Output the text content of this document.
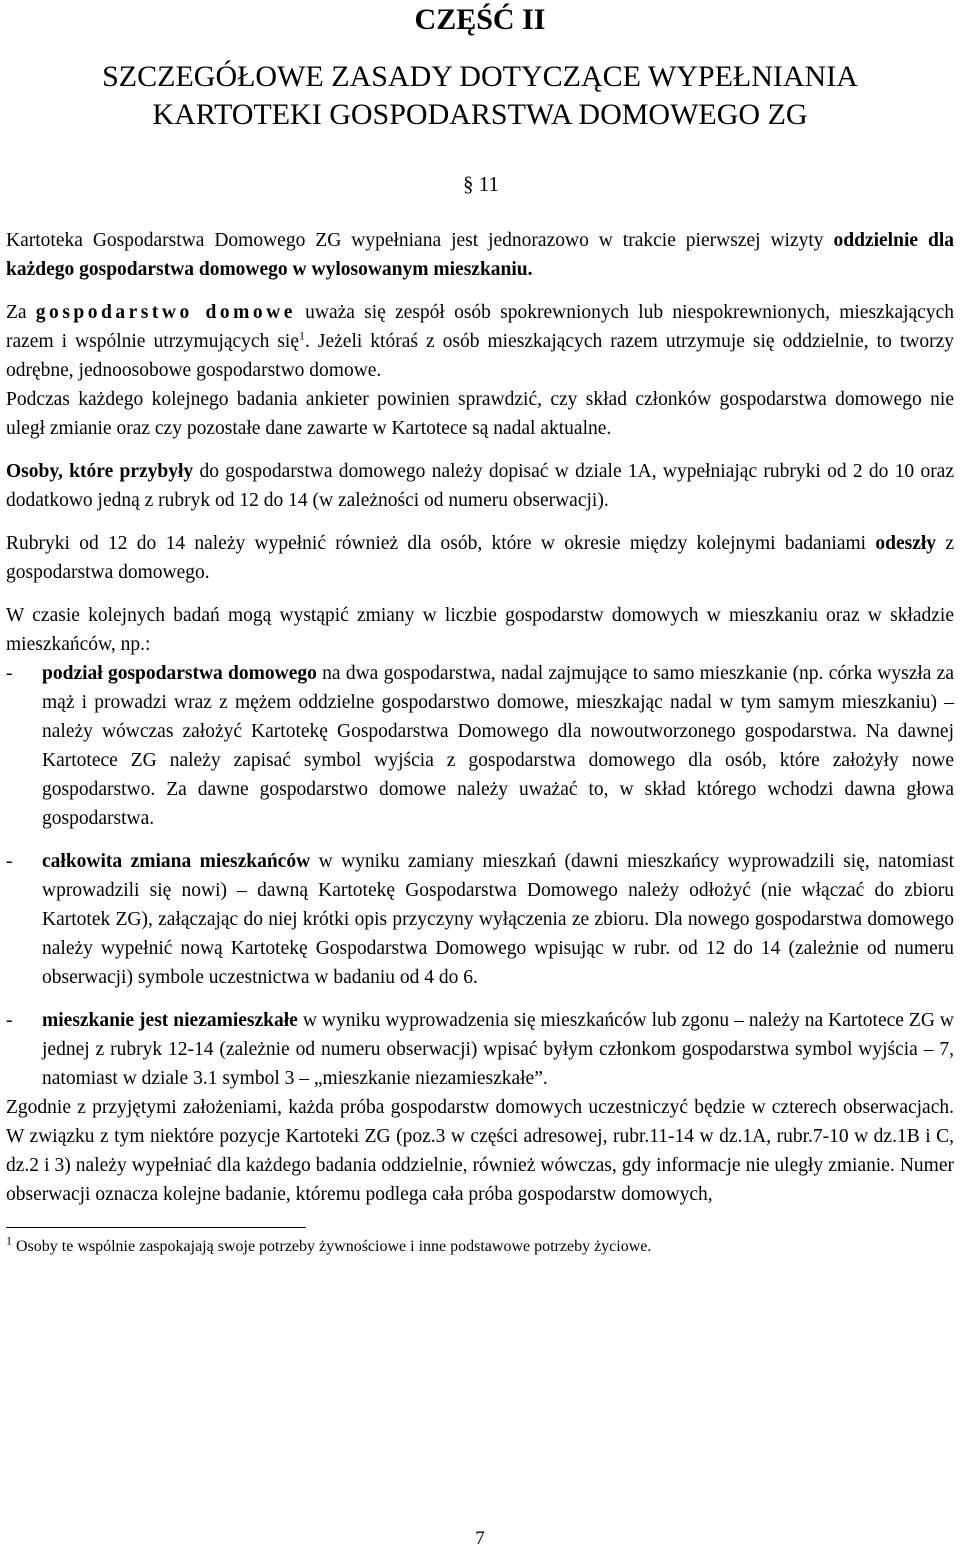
CZĘŚĆ II
SZCZEGÓŁOWE ZASADY DOTYCZĄCE WYPEŁNIANIA
KARTOTEKI GOSPODARSTWA DOMOWEGO ZG
§ 11

Kartoteka Gospodarstwa Domowego ZG wypełniana jest jednorazowo w trakcie pierwszej wizyty oddzielnie dla każdego gospodarstwa domowego w wylosowanym mieszkaniu.

Za gospodarstwo domowe uważa się zespół osób spokrewnionych lub niespokrewnionych, mieszkających razem i wspólnie utrzymujących się$^1$. Jeżeli któraś z osób mieszkających razem utrzymuje się oddzielnie, to tworzy odrębne, jednoosobowe gospodarstwo domowe.

Podczas każdego kolejnego badania ankieter powinien sprawdzić, czy skład członków gospodarstwa domowego nie uległ zmianie oraz czy pozostałe dane zawarte w Kartotece są nadal aktualne.

Osoby, które przybyły do gospodarstwa domowego należy dopisać w dziale 1A, wypełniając rubryki od 2 do 10 oraz dodatkowo jedną z rubryk od 12 do 14 (w zależności od numeru obserwacji).

Rubryki od 12 do 14 należy wypełnić również dla osób, które w okresie między kolejnymi badaniami odeszły z gospodarstwa domowego.

W czasie kolejnych badań mogą wystąpić zmiany w liczbie gospodarstw domowych w mieszkaniu oraz w składzie mieszkańców, np.:

- podział gospodarstwa domowego na dwa gospodarstwa, nadal zajmujące to samo mieszkanie (np. córka wyszła za mąż i prowadzi wraz z mężem oddzielne gospodarstwo domowe, mieszkając nadal w tym samym mieszkaniu) – należy wówczas założyć Kartotekę Gospodarstwa Domowego dla nowoutworzonego gospodarstwa. Na dawnej Kartotece ZG należy zapisać symbol wyjścia z gospodarstwa domowego dla osób, które założyły nowe gospodarstwo. Za dawne gospodarstwo domowe należy uważać to, w skład którego wchodzi dawna głowa gospodarstwa.
- całkowita zmiana mieszkańców w wyniku zamiany mieszkań (dawni mieszkańcy wyprowadzili się, natomiast wprowadzili się nowi) – dawną Kartotekę Gospodarstwa Domowego należy odłożyć (nie włączać do zbioru Kartotek ZG), załączając do niej krótki opis przyczyny wyłączenia ze zbioru. Dla nowego gospodarstwa domowego należy wypełnić nową Kartotekę Gospodarstwa Domowego wpisując w rubr. od 12 do 14 (zależnie od numeru obserwacji) symbole uczestnictwa w badaniu od 4 do 6.
- mieszkanie jest niezamieszkałe w wyniku wyprowadzenia się mieszkańców lub zgonu – należy na Kartotece ZG w jednej z rubryk 12-14 (zależnie od numeru obserwacji) wpisać byłym członkom gospodarstwa symbol wyjścia – 7, natomiast w dziale 3.1 symbol 3 – „mieszkanie niezamieszkałe”.

Zgodnie z przyjętymi założeniami, każda próba gospodarstw domowych uczestniczyć będzie w czterech obserwacjach. W związku z tym niektóre pozycje Kartoteki ZG (poz.3 w części adresowej, rubr.11-14 w dz.1A, rubr.7-10 w dz.1B i C, dz.2 i 3) należy wypełniać dla każdego badania oddzielnie, również wówczas, gdy informacje nie uległy zmianie. Numer obserwacji oznacza kolejne badanie, któremu podlega cała próba gospodarstw domowych,

$^1$ Osoby te wspólnie zaspokajają swoje potrzeby żywnościowe i inne podstawowe potrzeby życiowe.
7
